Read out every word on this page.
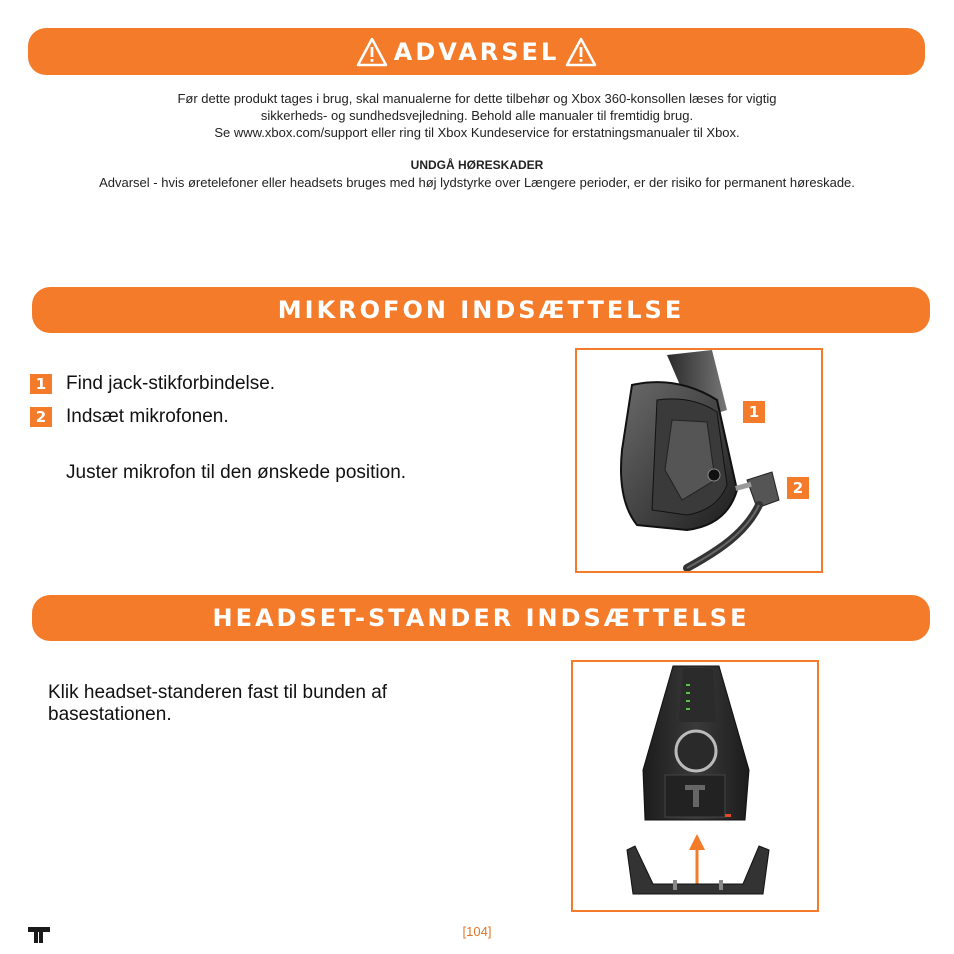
ADVARSEL
Før dette produkt tages i brug, skal manualerne for dette tilbehør og Xbox 360-konsollen læses for vigtig
sikkerheds- og sundhedsvejledning. Behold alle manualer til fremtidig brug.
Se www.xbox.com/support eller ring til Xbox Kundeservice for erstatningsmanualer til Xbox.
UNDGÅ HØRESKADER
Advarsel - hvis øretelefoner eller headsets bruges med høj lydstyrke over Længere perioder, er der risiko for permanent høreskade.
MIKROFON INDSÆTTELSE
1	Find jack-stikforbindelse.
2	Indsæt mikrofonen.
Juster mikrofon til den ønskede position.
1
2
HEADSET-STANDER INDSÆTTELSE
Klik headset-standeren fast til bunden af basestationen.
[104]
